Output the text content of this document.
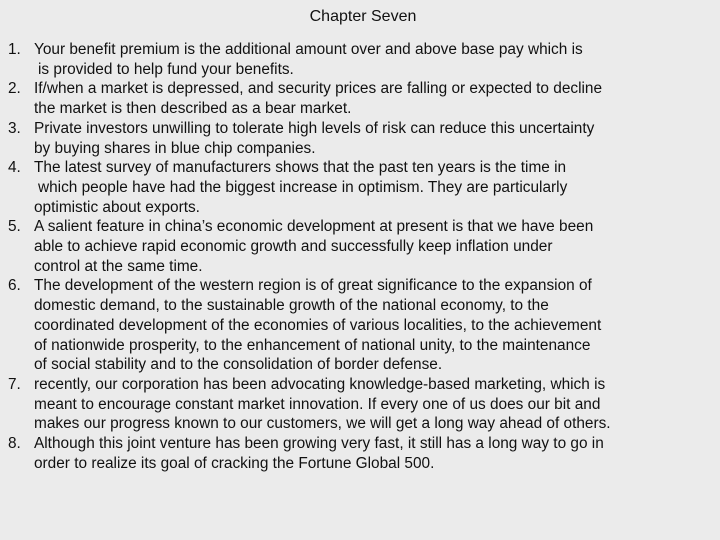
Chapter Seven
1. Your benefit premium is the additional amount over and above base pay which is
is provided to help fund your benefits.
2. If/when a market is depressed, and security prices are falling or expected to decline
the market is then described as a bear market.
3. Private investors unwilling to tolerate high levels of risk can reduce this uncertainty
by buying shares in blue chip companies.
4. The latest survey of manufacturers shows that the past ten years is the time in
which people have had the biggest increase in optimism. They are particularly
optimistic about exports.
5. A salient feature in china’s economic development at present is that we have been
able to achieve rapid economic growth and successfully keep inflation under
control at the same time.
6. The development of the western region is of great significance to the expansion of
domestic demand, to the sustainable growth of the national economy, to the
coordinated development of the economies of various localities, to the achievement
of nationwide prosperity, to the enhancement of national unity, to the maintenance
of social stability and to the consolidation of border defense.
7. recently, our corporation has been advocating knowledge-based marketing, which is
meant to encourage constant market innovation. If every one of us does our bit and
makes our progress known to our customers, we will get a long way ahead of others.
8. Although this joint venture has been growing very fast, it still has a long way to go in
order to realize its goal of cracking the Fortune Global 500.
